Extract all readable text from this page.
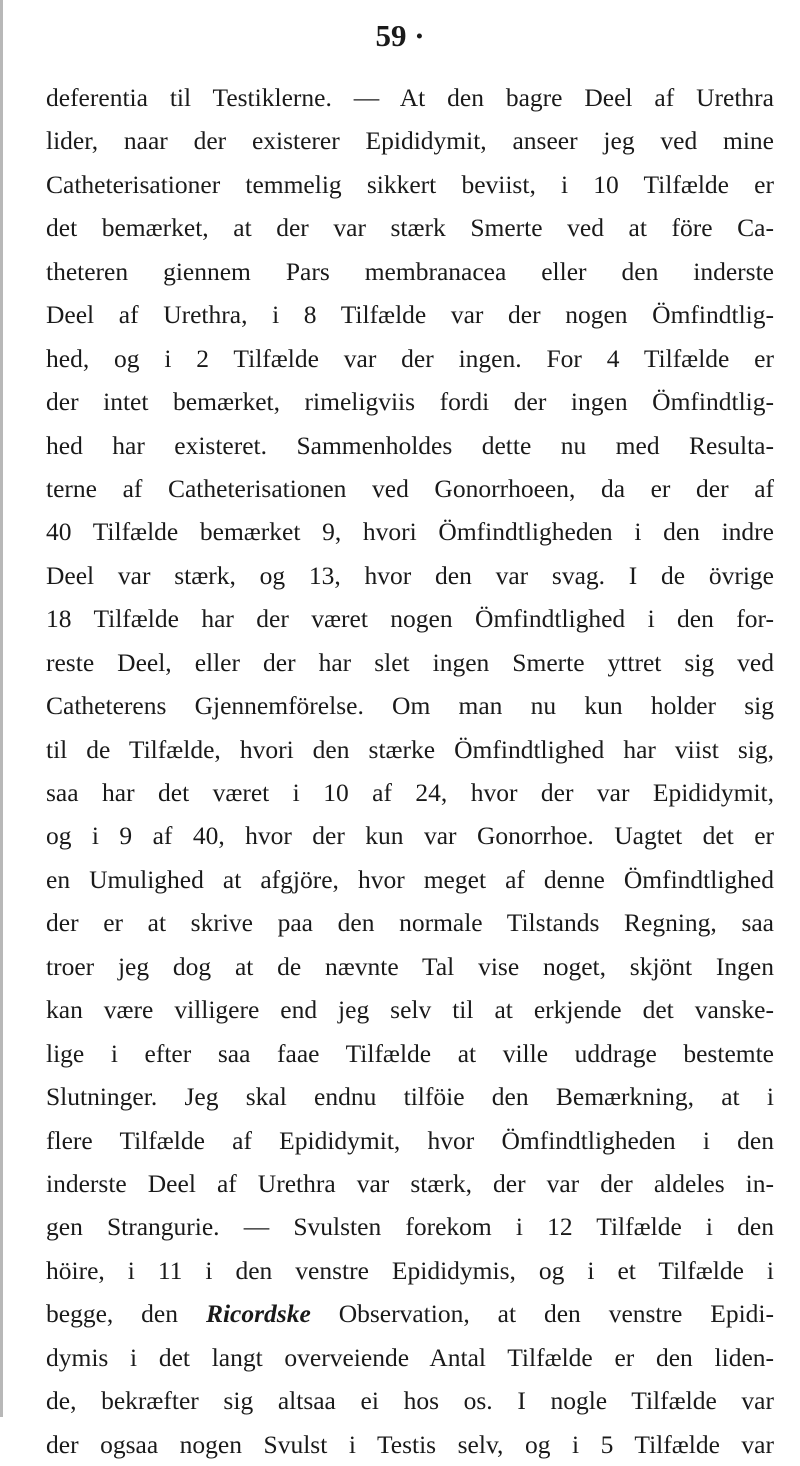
59 ·
deferentia til Testiklerne. — At den bagre Deel af Urethra
lider, naar der existerer Epididymit, anseer jeg ved mine
Catheterisationer temmelig sikkert beviist, i 10 Tilfælde er
det bemærket, at der var stærk Smerte ved at före Ca-
theteren giennem Pars membranacea eller den inderste
Deel af Urethra, i 8 Tilfælde var der nogen Ömfindtlig-
hed, og i 2 Tilfælde var der ingen. For 4 Tilfælde er
der intet bemærket, rimeligviis fordi der ingen Ömfindtlig-
hed har existeret. Sammenholdes dette nu med Resulta-
terne af Catheterisationen ved Gonorrhoeen, da er der af
40 Tilfælde bemærket 9, hvori Ömfindtligheden i den indre
Deel var stærk, og 13, hvor den var svag. I de övrige
18 Tilfælde har der været nogen Ömfindtlighed i den for-
reste Deel, eller der har slet ingen Smerte yttret sig ved
Catheterens Gjennemförelse. Om man nu kun holder sig
til de Tilfælde, hvori den stærke Ömfindtlighed har viist sig,
saa har det været i 10 af 24, hvor der var Epididymit,
og i 9 af 40, hvor der kun var Gonorrhoe. Uagtet det er
en Umulighed at afgjöre, hvor meget af denne Ömfindtlighed
der er at skrive paa den normale Tilstands Regning, saa
troer jeg dog at de nævnte Tal vise noget, skjönt Ingen
kan være villigere end jeg selv til at erkjende det vanske-
lige i efter saa faae Tilfælde at ville uddrage bestemte
Slutninger. Jeg skal endnu tilföie den Bemærkning, at i
flere Tilfælde af Epididymit, hvor Ömfindtligheden i den
inderste Deel af Urethra var stærk, der var der aldeles in-
gen Strangurie. — Svulsten forekom i 12 Tilfælde i den
höire, i 11 i den venstre Epididymis, og i et Tilfælde i
begge, den Ricordske Observation, at den venstre Epidi-
dymis i det langt overveiende Antal Tilfælde er den liden-
de, bekræfter sig altsaa ei hos os. I nogle Tilfælde var
der ogsaa nogen Svulst i Testis selv, og i 5 Tilfælde var
